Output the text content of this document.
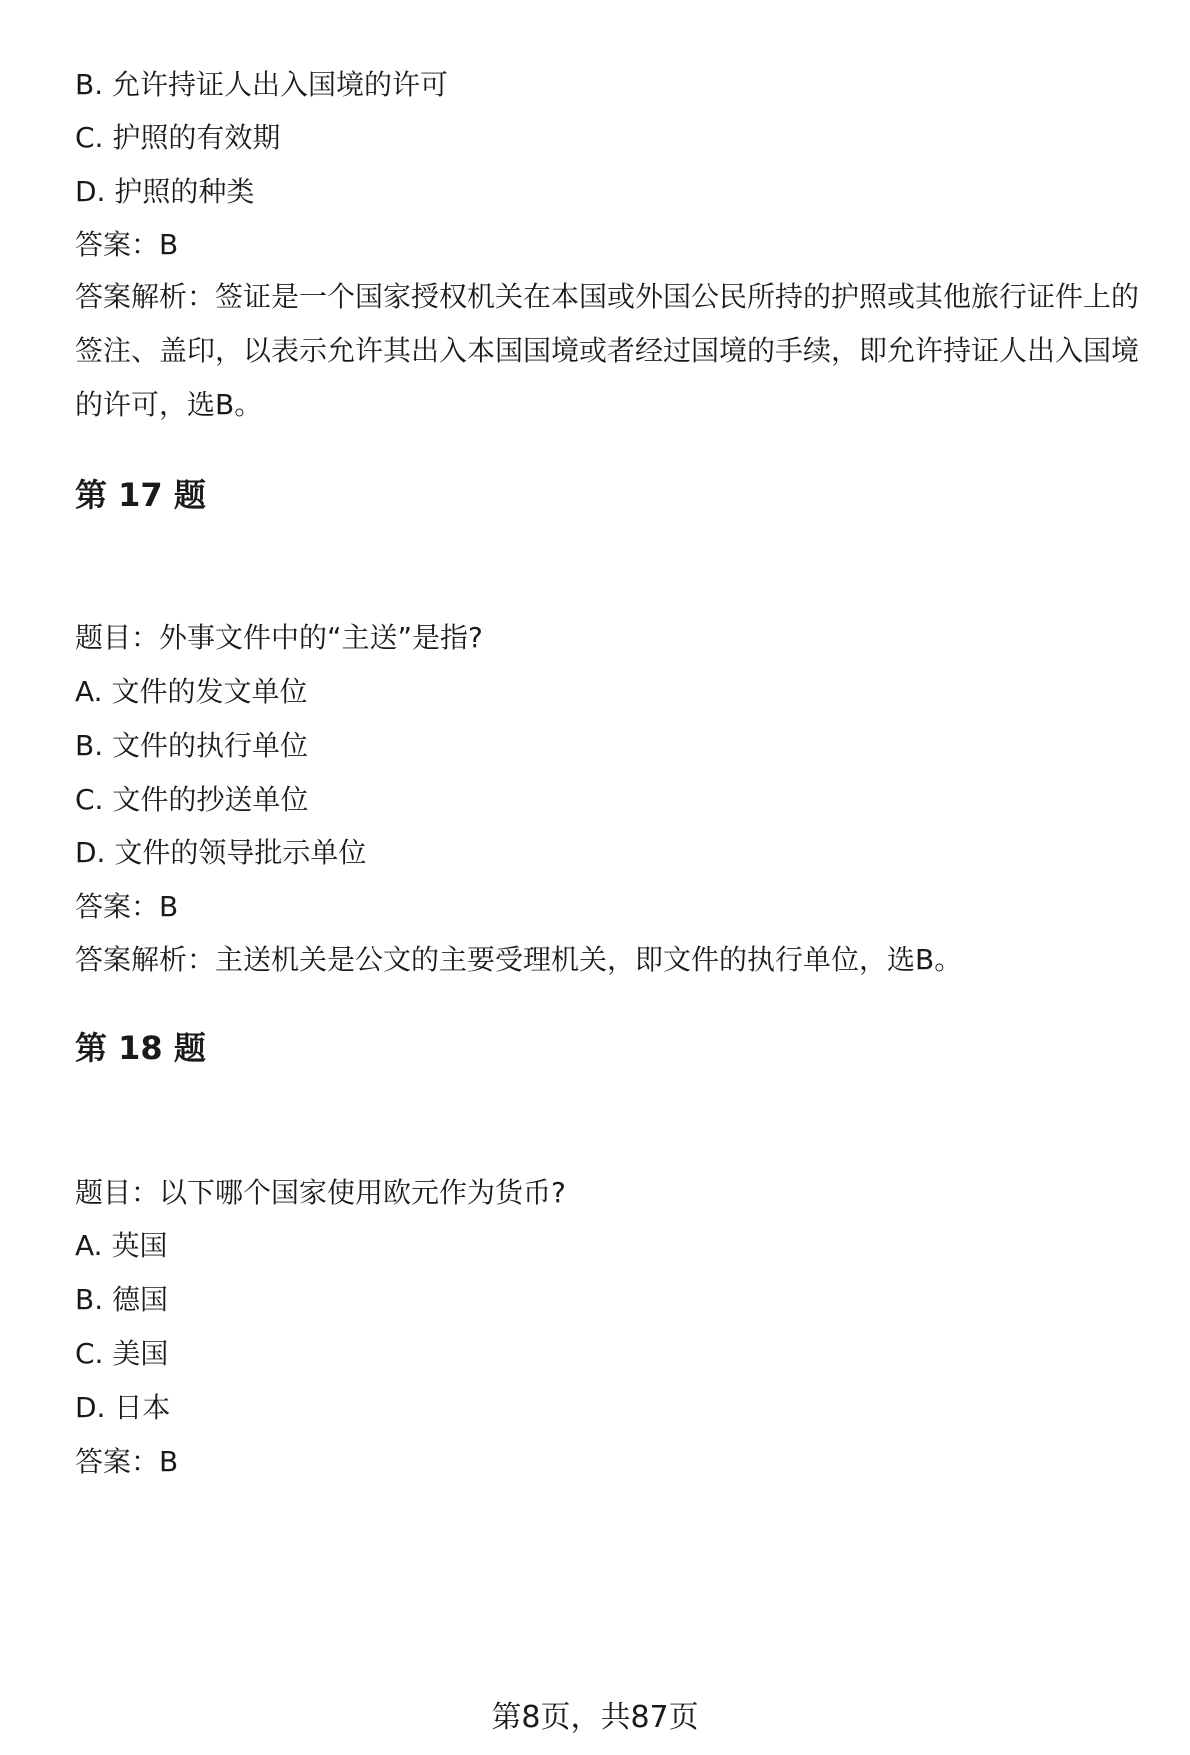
B. 允许持证人出入国境的许可

C. 护照的有效期

D. 护照的种类

答案：B

答案解析：签证是一个国家授权机关在本国或外国公民所持的护照或其他旅行证件上的签注、盖印，以表示允许其出入本国国境或者经过国境的手续，即允许持证人出入国境的许可，选B。

第 17 题

题目：外事文件中的“主送”是指?

A. 文件的发文单位

B. 文件的执行单位

C. 文件的抄送单位

D. 文件的领导批示单位

答案：B

答案解析：主送机关是公文的主要受理机关，即文件的执行单位，选B。

第 18 题

题目：以下哪个国家使用欧元作为货币?

A. 英国

B. 德国

C. 美国

D. 日本

答案：B

第8页，共87页
